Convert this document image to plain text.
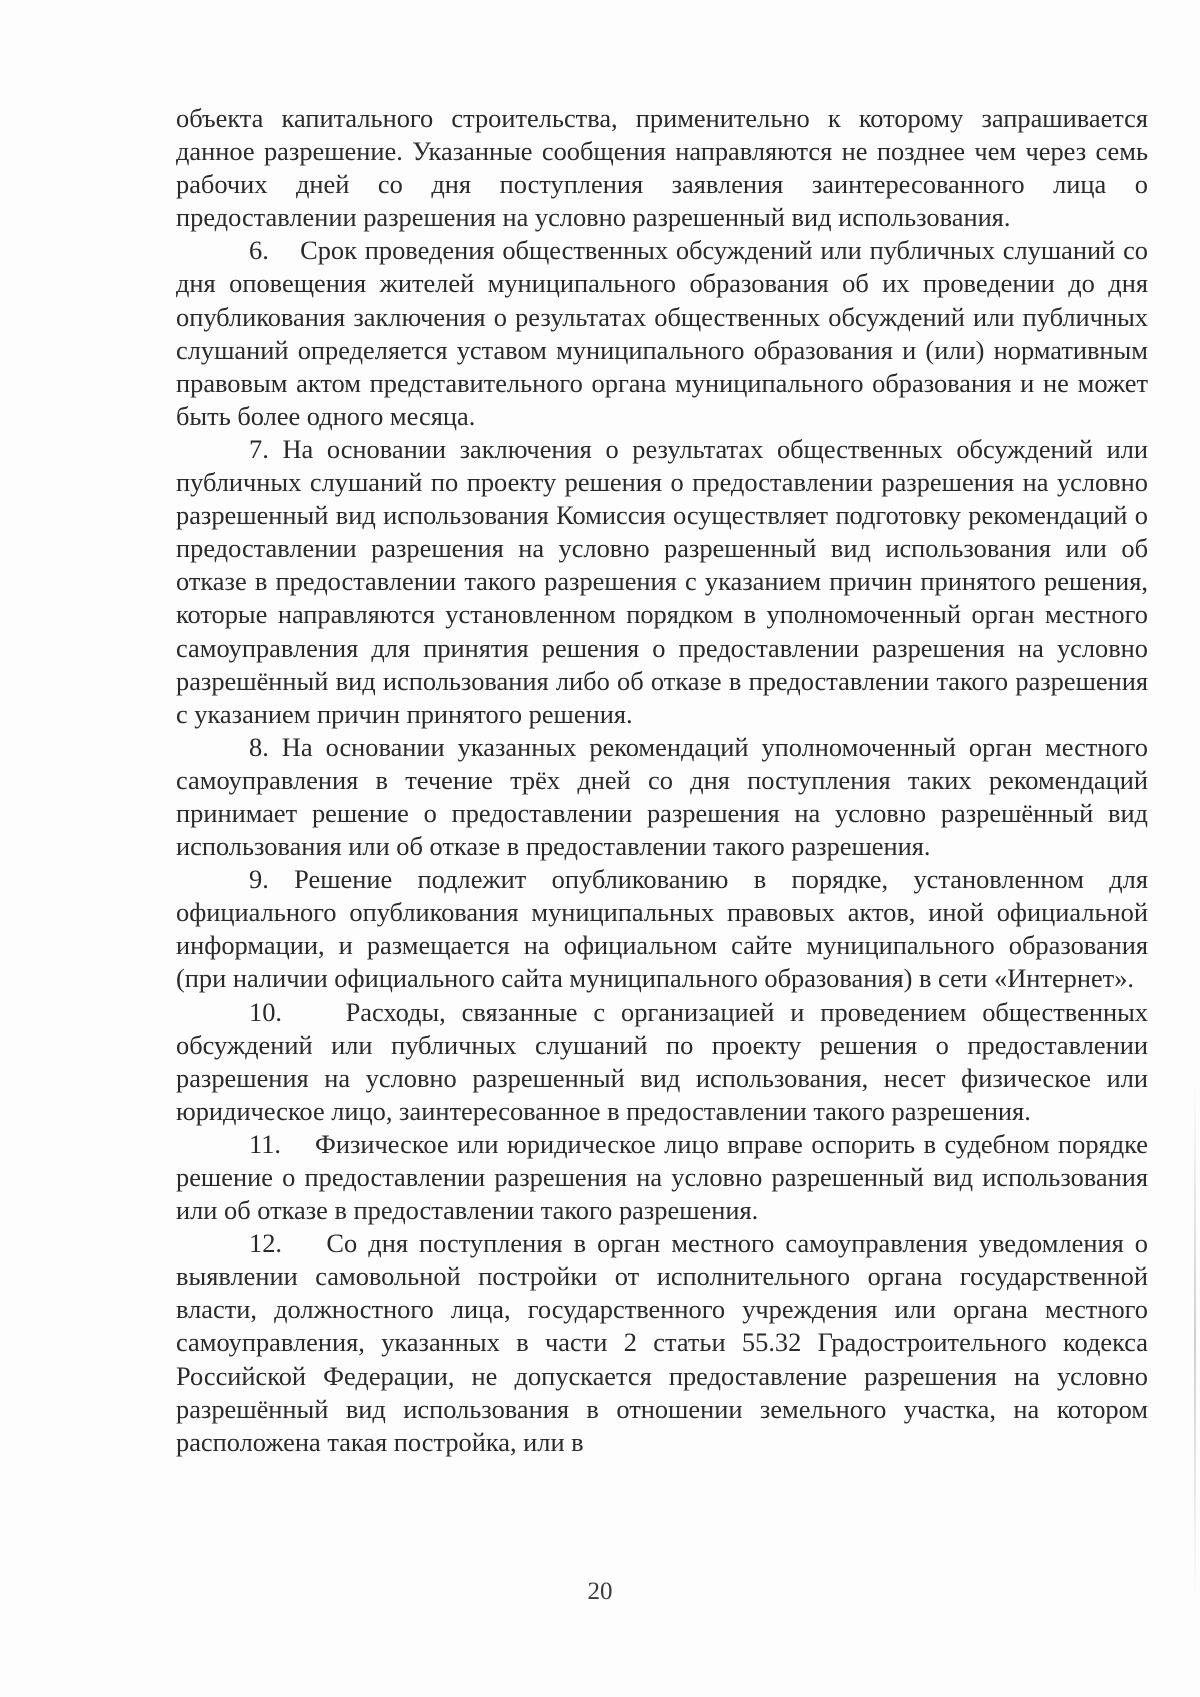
объекта капитального строительства, применительно к которому запрашивается данное разрешение. Указанные сообщения направляются не позднее чем через семь рабочих дней со дня поступления заявления заинтересованного лица о предоставлении разрешения на условно разрешенный вид использования.

6.    Срок проведения общественных обсуждений или публичных слушаний со дня оповещения жителей муниципального образования об их проведении до дня опубликования заключения о результатах общественных обсуждений или публичных слушаний определяется уставом муниципального образования и (или) нормативным правовым актом представительного органа муниципального образования и не может быть более одного месяца.

7. На основании заключения о результатах общественных обсуждений или публичных слушаний по проекту решения о предоставлении разрешения на условно разрешенный вид использования Комиссия осуществляет подготовку рекомендаций о предоставлении разрешения на условно разрешенный вид использования или об отказе в предоставлении такого разрешения с указанием причин принятого решения, которые направляются установленном порядком в уполномоченный орган местного самоуправления для принятия решения о предоставлении разрешения на условно разрешённый вид использования либо об отказе в предоставлении такого разрешения с указанием причин принятого решения.

8. На основании указанных рекомендаций уполномоченный орган местного самоуправления в течение трёх дней со дня поступления таких рекомендаций принимает решение о предоставлении разрешения на условно разрешённый вид использования или об отказе в предоставлении такого разрешения.

9. Решение подлежит опубликованию в порядке, установленном для официального опубликования муниципальных правовых актов, иной официальной информации, и размещается на официальном сайте муниципального образования (при наличии официального сайта муниципального образования) в сети «Интернет».

10.    Расходы, связанные с организацией и проведением общественных обсуждений или публичных слушаний по проекту решения о предоставлении разрешения на условно разрешенный вид использования, несет физическое или юридическое лицо, заинтересованное в предоставлении такого разрешения.

11.    Физическое или юридическое лицо вправе оспорить в судебном порядке решение о предоставлении разрешения на условно разрешенный вид использования или об отказе в предоставлении такого разрешения.

12.    Со дня поступления в орган местного самоуправления уведомления о выявлении самовольной постройки от исполнительного органа государственной власти, должностного лица, государственного учреждения или органа местного самоуправления, указанных в части 2 статьи 55.32 Градостроительного кодекса Российской Федерации, не допускается предоставление разрешения на условно разрешённый вид использования в отношении земельного участка, на котором расположена такая постройка, или в

20
